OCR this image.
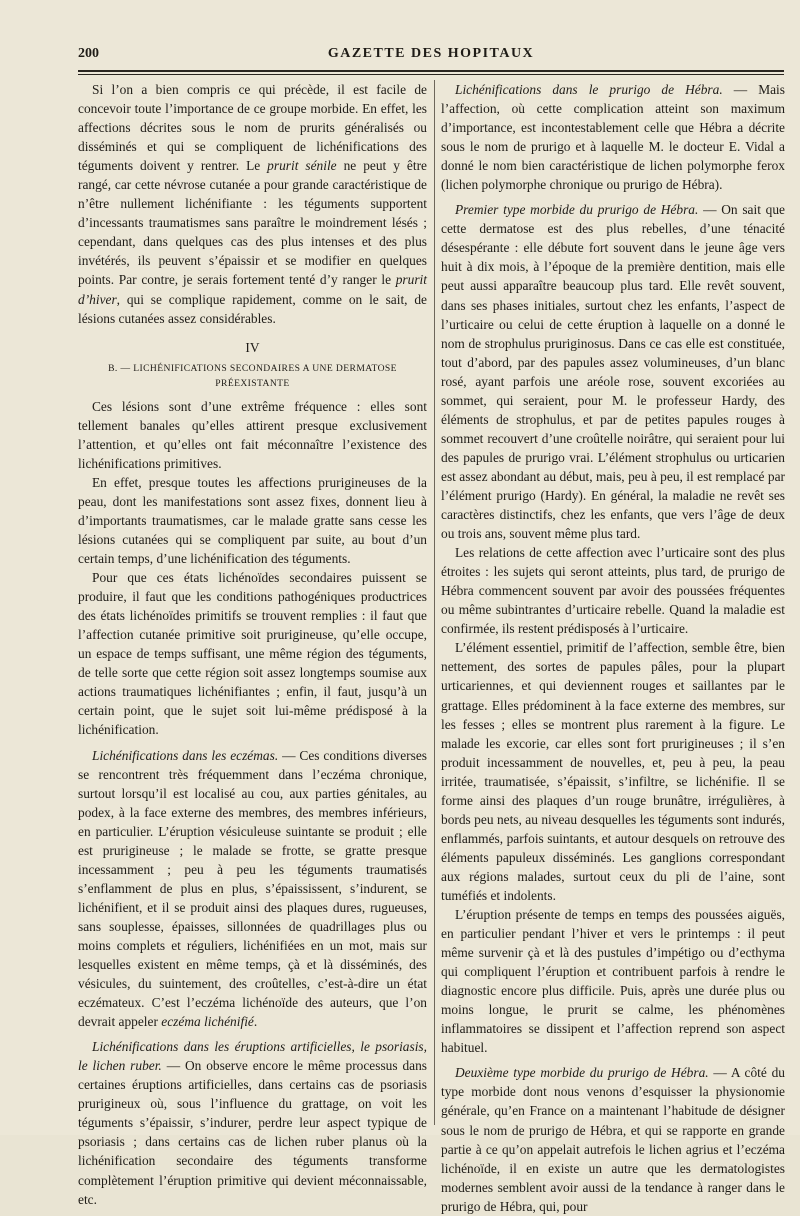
200	GAZETTE DES HOPITAUX

Si l’on a bien compris ce qui précède, il est facile de concevoir toute l’importance de ce groupe morbide. En effet, les affections décrites sous le nom de prurits généralisés ou disséminés et qui se compliquent de lichénifications des téguments doivent y rentrer. Le prurit sénile ne peut y être rangé, car cette névrose cutanée a pour grande caractéristique de n’être nullement lichénifiante : les téguments supportent d’incessants traumatismes sans paraître le moindrement lésés ; cependant, dans quelques cas des plus intenses et des plus invétérés, ils peuvent s’épaissir et se modifier en quelques points. Par contre, je serais fortement tenté d’y ranger le prurit d’hiver, qui se complique rapidement, comme on le sait, de lésions cutanées assez considérables.

IV

B. — LICHÉNIFICATIONS SECONDAIRES A UNE DERMATOSE PRÉEXISTANTE

Ces lésions sont d’une extrême fréquence : elles sont tellement banales qu’elles attirent presque exclusivement l’attention, et qu’elles ont fait méconnaître l’existence des lichénifications primitives.

En effet, presque toutes les affections prurigineuses de la peau, dont les manifestations sont assez fixes, donnent lieu à d’importants traumatismes, car le malade gratte sans cesse les lésions cutanées qui se compliquent par suite, au bout d’un certain temps, d’une lichénification des téguments.

Pour que ces états lichénoïdes secondaires puissent se produire, il faut que les conditions pathogéniques productrices des états lichénoïdes primitifs se trouvent remplies : il faut que l’affection cutanée primitive soit prurigineuse, qu’elle occupe, un espace de temps suffisant, une même région des téguments, de telle sorte que cette région soit assez longtemps soumise aux actions traumatiques lichénifiantes ; enfin, il faut, jusqu’à un certain point, que le sujet soit lui-même prédisposé à la lichénification.

Lichénifications dans les eczémas. — Ces conditions diverses se rencontrent très fréquemment dans l’eczéma chronique, surtout lorsqu’il est localisé au cou, aux parties génitales, au podex, à la face externe des membres, des membres inférieurs, en particulier. L’éruption vésiculeuse suintante se produit ; elle est prurigineuse ; le malade se frotte, se gratte presque incessamment ; peu à peu les téguments traumatisés s’enflamment de plus en plus, s’épaississent, s’indurent, se lichénifient, et il se produit ainsi des plaques dures, rugueuses, sans souplesse, épaisses, sillonnées de quadrillages plus ou moins complets et réguliers, lichénifiées en un mot, mais sur lesquelles existent en même temps, çà et là disséminés, des vésicules, du suintement, des croûtelles, c’est-à-dire un état eczémateux. C’est l’eczéma lichénoïde des auteurs, que l’on devrait appeler eczéma lichénifié.

Lichénifications dans les éruptions artificielles, le psoriasis, le lichen ruber. — On observe encore le même processus dans certaines éruptions artificielles, dans certains cas de psoriasis prurigineux où, sous l’influence du grattage, on voit les téguments s’épaissir, s’indurer, perdre leur aspect typique de psoriasis ; dans certains cas de lichen ruber planus où la lichénification secondaire des téguments transforme complètement l’éruption primitive qui devient méconnaissable, etc.

Lichénifications dans le prurigo de Hébra. — Mais l’affection, où cette complication atteint son maximum d’importance, est incontestablement celle que Hébra a décrite sous le nom de prurigo et à laquelle M. le docteur E. Vidal a donné le nom bien caractéristique de lichen polymorphe ferox (lichen polymorphe chronique ou prurigo de Hébra).

Premier type morbide du prurigo de Hébra. — On sait que cette dermatose est des plus rebelles, d’une ténacité désespérante : elle débute fort souvent dans le jeune âge vers huit à dix mois, à l’époque de la première dentition, mais elle peut aussi apparaître beaucoup plus tard. Elle revêt souvent, dans ses phases initiales, surtout chez les enfants, l’aspect de l’urticaire ou celui de cette éruption à laquelle on a donné le nom de strophulus pruriginosus. Dans ce cas elle est constituée, tout d’abord, par des papules assez volumineuses, d’un blanc rosé, ayant parfois une aréole rose, souvent excoriées au sommet, qui seraient, pour M. le professeur Hardy, des éléments de strophulus, et par de petites papules rouges à sommet recouvert d’une croûtelle noirâtre, qui seraient pour lui des papules de prurigo vrai. L’élément strophulus ou urticarien est assez abondant au début, mais, peu à peu, il est remplacé par l’élément prurigo (Hardy). En général, la maladie ne revêt ses caractères distinctifs, chez les enfants, que vers l’âge de deux ou trois ans, souvent même plus tard.

Les relations de cette affection avec l’urticaire sont des plus étroites : les sujets qui seront atteints, plus tard, de prurigo de Hébra commencent souvent par avoir des poussées fréquentes ou même subintrantes d’urticaire rebelle. Quand la maladie est confirmée, ils restent prédisposés à l’urticaire.

L’élément essentiel, primitif de l’affection, semble être, bien nettement, des sortes de papules pâles, pour la plupart urticariennes, et qui deviennent rouges et saillantes par le grattage. Elles prédominent à la face externe des membres, sur les fesses ; elles se montrent plus rarement à la figure. Le malade les excorie, car elles sont fort prurigineuses ; il s’en produit incessamment de nouvelles, et, peu à peu, la peau irritée, traumatisée, s’épaissit, s’infiltre, se lichénifie. Il se forme ainsi des plaques d’un rouge brunâtre, irrégulières, à bords peu nets, au niveau desquelles les téguments sont indurés, enflammés, parfois suintants, et autour desquels on retrouve des éléments papuleux disséminés. Les ganglions correspondant aux régions malades, surtout ceux du pli de l’aine, sont tuméfiés et indolents.

L’éruption présente de temps en temps des poussées aiguës, en particulier pendant l’hiver et vers le printemps : il peut même survenir çà et là des pustules d’impétigo ou d’ecthyma qui compliquent l’éruption et contribuent parfois à rendre le diagnostic encore plus difficile. Puis, après une durée plus ou moins longue, le prurit se calme, les phénomènes inflammatoires se dissipent et l’affection reprend son aspect habituel.

Deuxième type morbide du prurigo de Hébra. — A côté du type morbide dont nous venons d’esquisser la physionomie générale, qu’en France on a maintenant l’habitude de désigner sous le nom de prurigo de Hébra, et qui se rapporte en grande partie à ce qu’on appelait autrefois le lichen agrius et l’eczéma lichénoïde, il en existe un autre que les dermatologistes modernes semblent avoir aussi de la tendance à ranger dans le prurigo de Hébra, qui, pour
